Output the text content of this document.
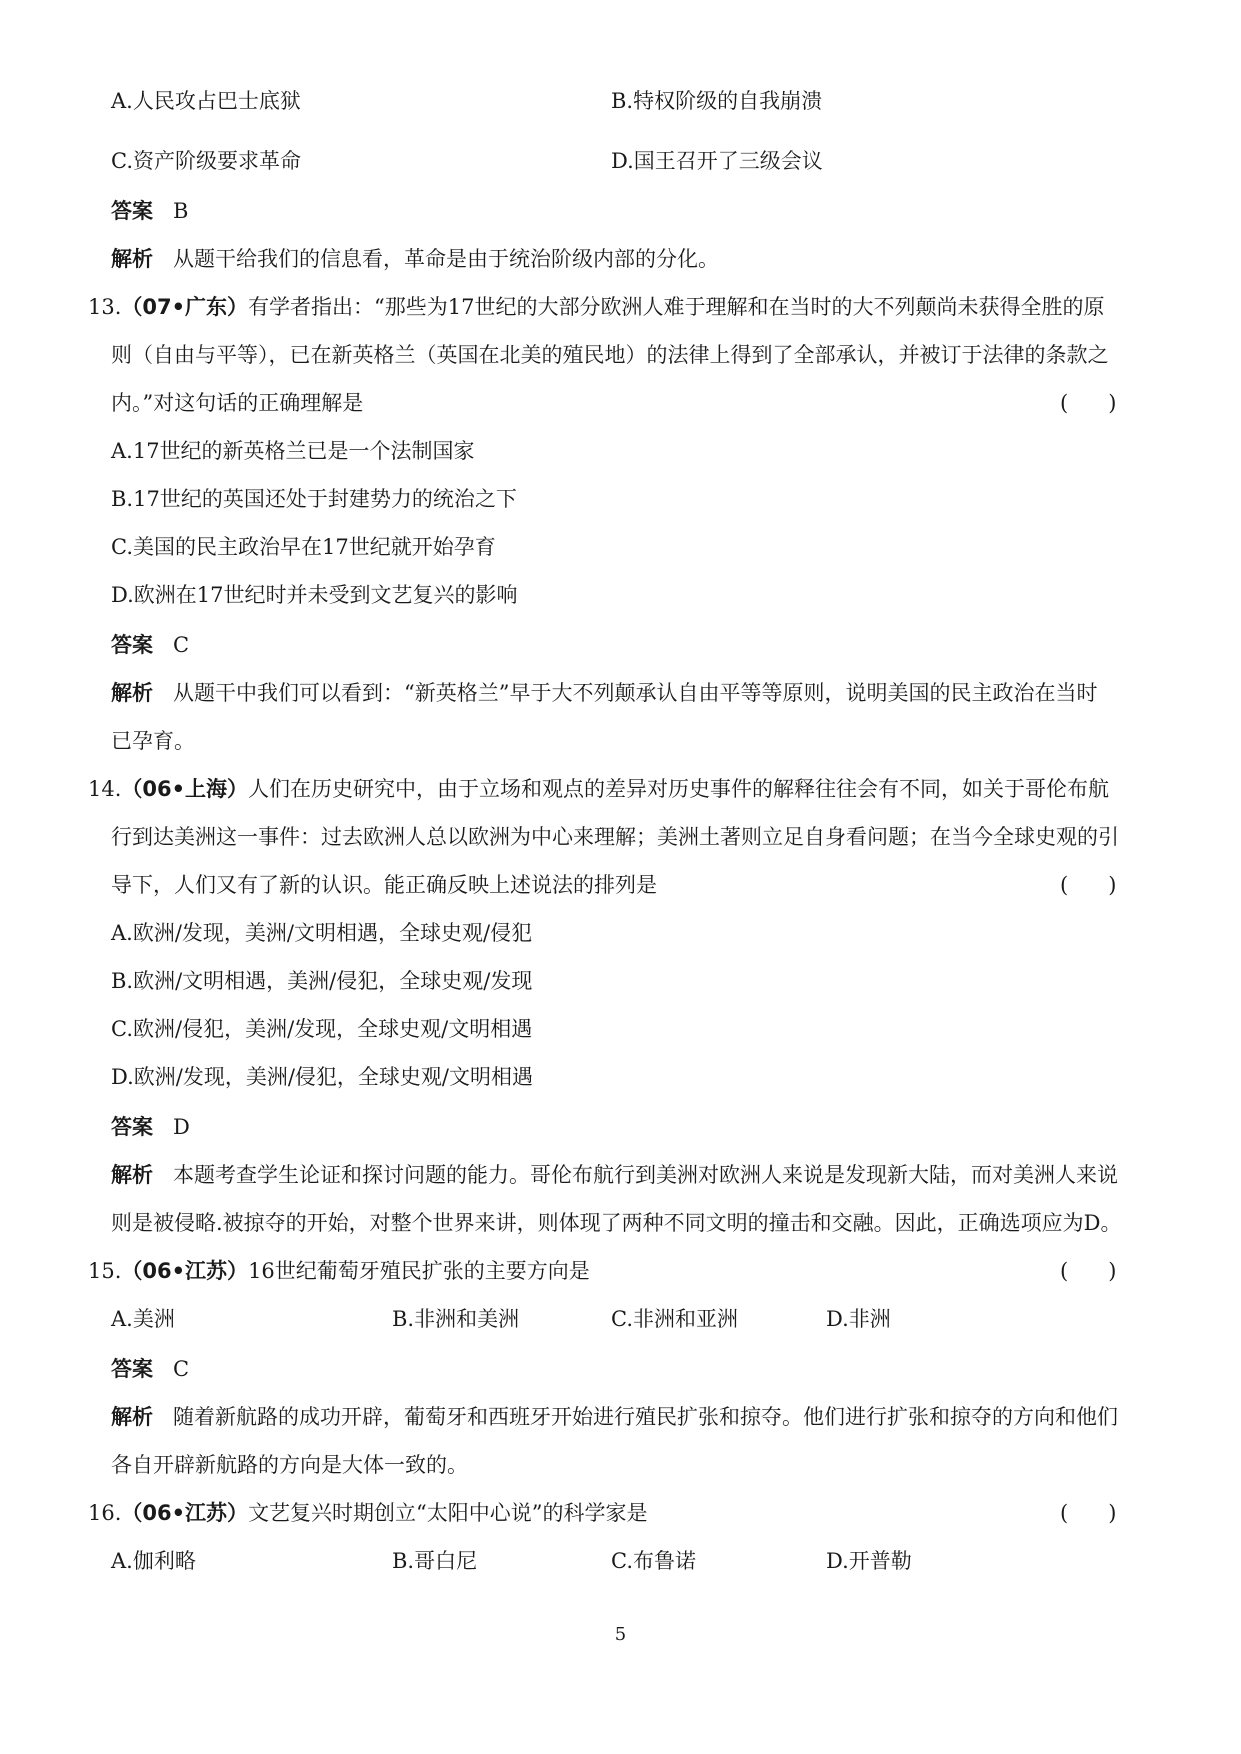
A.人民攻占巴士底狱	B.特权阶级的自我崩溃
C.资产阶级要求革命	D.国王召开了三级会议
答案 B
解析 从题干给我们的信息看，革命是由于统治阶级内部的分化。
13.（07•广东）有学者指出：“那些为17世纪的大部分欧洲人难于理解和在当时的大不列颠尚未获得全胜的原
则（自由与平等），已在新英格兰（英国在北美的殖民地）的法律上得到了全部承认，并被订于法律的条款之
内。”对这句话的正确理解是	(      )
A.17世纪的新英格兰已是一个法制国家
B.17世纪的英国还处于封建势力的统治之下
C.美国的民主政治早在17世纪就开始孕育
D.欧洲在17世纪时并未受到文艺复兴的影响
答案 C
解析 从题干中我们可以看到：“新英格兰”早于大不列颠承认自由平等等原则，说明美国的民主政治在当时
已孕育。
14.（06•上海）人们在历史研究中，由于立场和观点的差异对历史事件的解释往往会有不同，如关于哥伦布航
行到达美洲这一事件：过去欧洲人总以欧洲为中心来理解；美洲土著则立足自身看问题；在当今全球史观的引
导下，人们又有了新的认识。能正确反映上述说法的排列是	(      )
A.欧洲/发现，美洲/文明相遇，全球史观/侵犯
B.欧洲/文明相遇，美洲/侵犯，全球史观/发现
C.欧洲/侵犯，美洲/发现，全球史观/文明相遇
D.欧洲/发现，美洲/侵犯，全球史观/文明相遇
答案 D
解析 本题考查学生论证和探讨问题的能力。哥伦布航行到美洲对欧洲人来说是发现新大陆，而对美洲人来说
则是被侵略.被掠夺的开始，对整个世界来讲，则体现了两种不同文明的撞击和交融。因此，正确选项应为D。
15.（06•江苏）16世纪葡萄牙殖民扩张的主要方向是	(      )
A.美洲	B.非洲和美洲	C.非洲和亚洲	D.非洲
答案 C
解析 随着新航路的成功开辟，葡萄牙和西班牙开始进行殖民扩张和掠夺。他们进行扩张和掠夺的方向和他们
各自开辟新航路的方向是大体一致的。
16.（06•江苏）文艺复兴时期创立“太阳中心说”的科学家是	(      )
A.伽利略	B.哥白尼	C.布鲁诺	D.开普勒
5
